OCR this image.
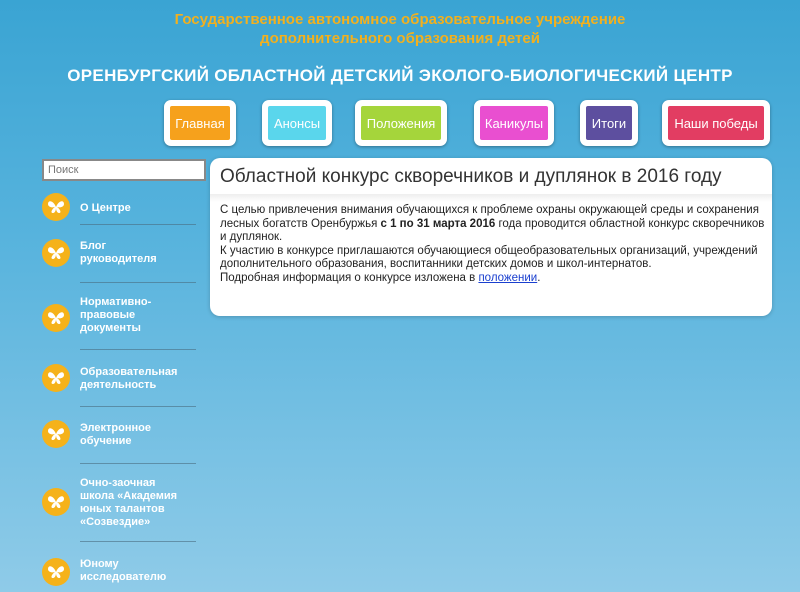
Государственное автономное образовательное учреждение
дополнительного образования детей
ОРЕНБУРГСКИЙ ОБЛАСТНОЙ ДЕТСКИЙ ЭКОЛОГО-БИОЛОГИЧЕСКИЙ ЦЕНТР
Главная	Анонсы	Положения	Каникулы	Итоги	Наши победы
Поиск
О Центре
Блог
руководителя
Нормативно-
правовые
документы
Образовательная
деятельность
Электронное
обучение
Очно-заочная
школа «Академия
юных талантов
«Созвездие»
Юному
исследователю
Областной конкурс скворечников и дуплянок в 2016 году

С целью привлечения внимания обучающихся к проблеме охраны окружающей среды и сохранения лесных богатств Оренбуржья с 1 по 31 марта 2016 года проводится областной конкурс скворечников и дуплянок.

К участию в конкурсе приглашаются обучающиеся общеобразовательных организаций, учреждений дополнительного образования, воспитанники детских домов и школ-интернатов.

Подробная информация о конкурсе изложена в положении.
